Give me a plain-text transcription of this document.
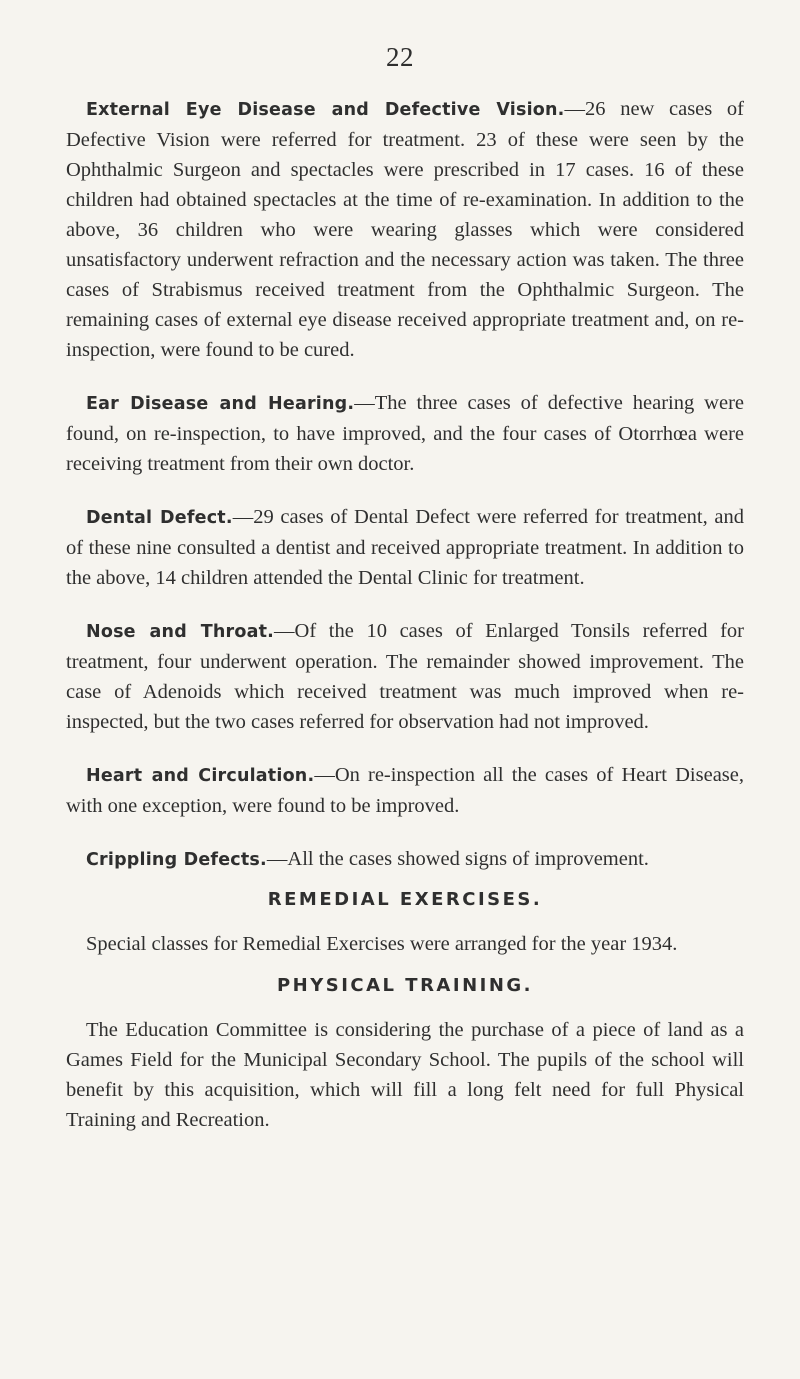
22

External Eye Disease and Defective Vision.—26 new cases of Defective Vision were referred for treatment. 23 of these were seen by the Ophthalmic Surgeon and spectacles were prescribed in 17 cases. 16 of these children had obtained spectacles at the time of re-examination. In addition to the above, 36 children who were wearing glasses which were considered unsatisfactory underwent refraction and the necessary action was taken. The three cases of Strabismus received treatment from the Ophthalmic Surgeon. The remaining cases of external eye disease received appropriate treatment and, on re-inspection, were found to be cured.

Ear Disease and Hearing.—The three cases of defective hearing were found, on re-inspection, to have improved, and the four cases of Otorrhœa were receiving treatment from their own doctor.

Dental Defect.—29 cases of Dental Defect were referred for treatment, and of these nine consulted a dentist and received appropriate treatment. In addition to the above, 14 children attended the Dental Clinic for treatment.

Nose and Throat.—Of the 10 cases of Enlarged Tonsils referred for treatment, four underwent operation. The remainder showed improvement. The case of Adenoids which received treatment was much improved when re-inspected, but the two cases referred for observation had not improved.

Heart and Circulation.—On re-inspection all the cases of Heart Disease, with one exception, were found to be improved.

Crippling Defects.—All the cases showed signs of improvement.

REMEDIAL EXERCISES.

Special classes for Remedial Exercises were arranged for the year 1934.

PHYSICAL TRAINING.

The Education Committee is considering the purchase of a piece of land as a Games Field for the Municipal Secondary School. The pupils of the school will benefit by this acquisition, which will fill a long felt need for full Physical Training and Recreation.
